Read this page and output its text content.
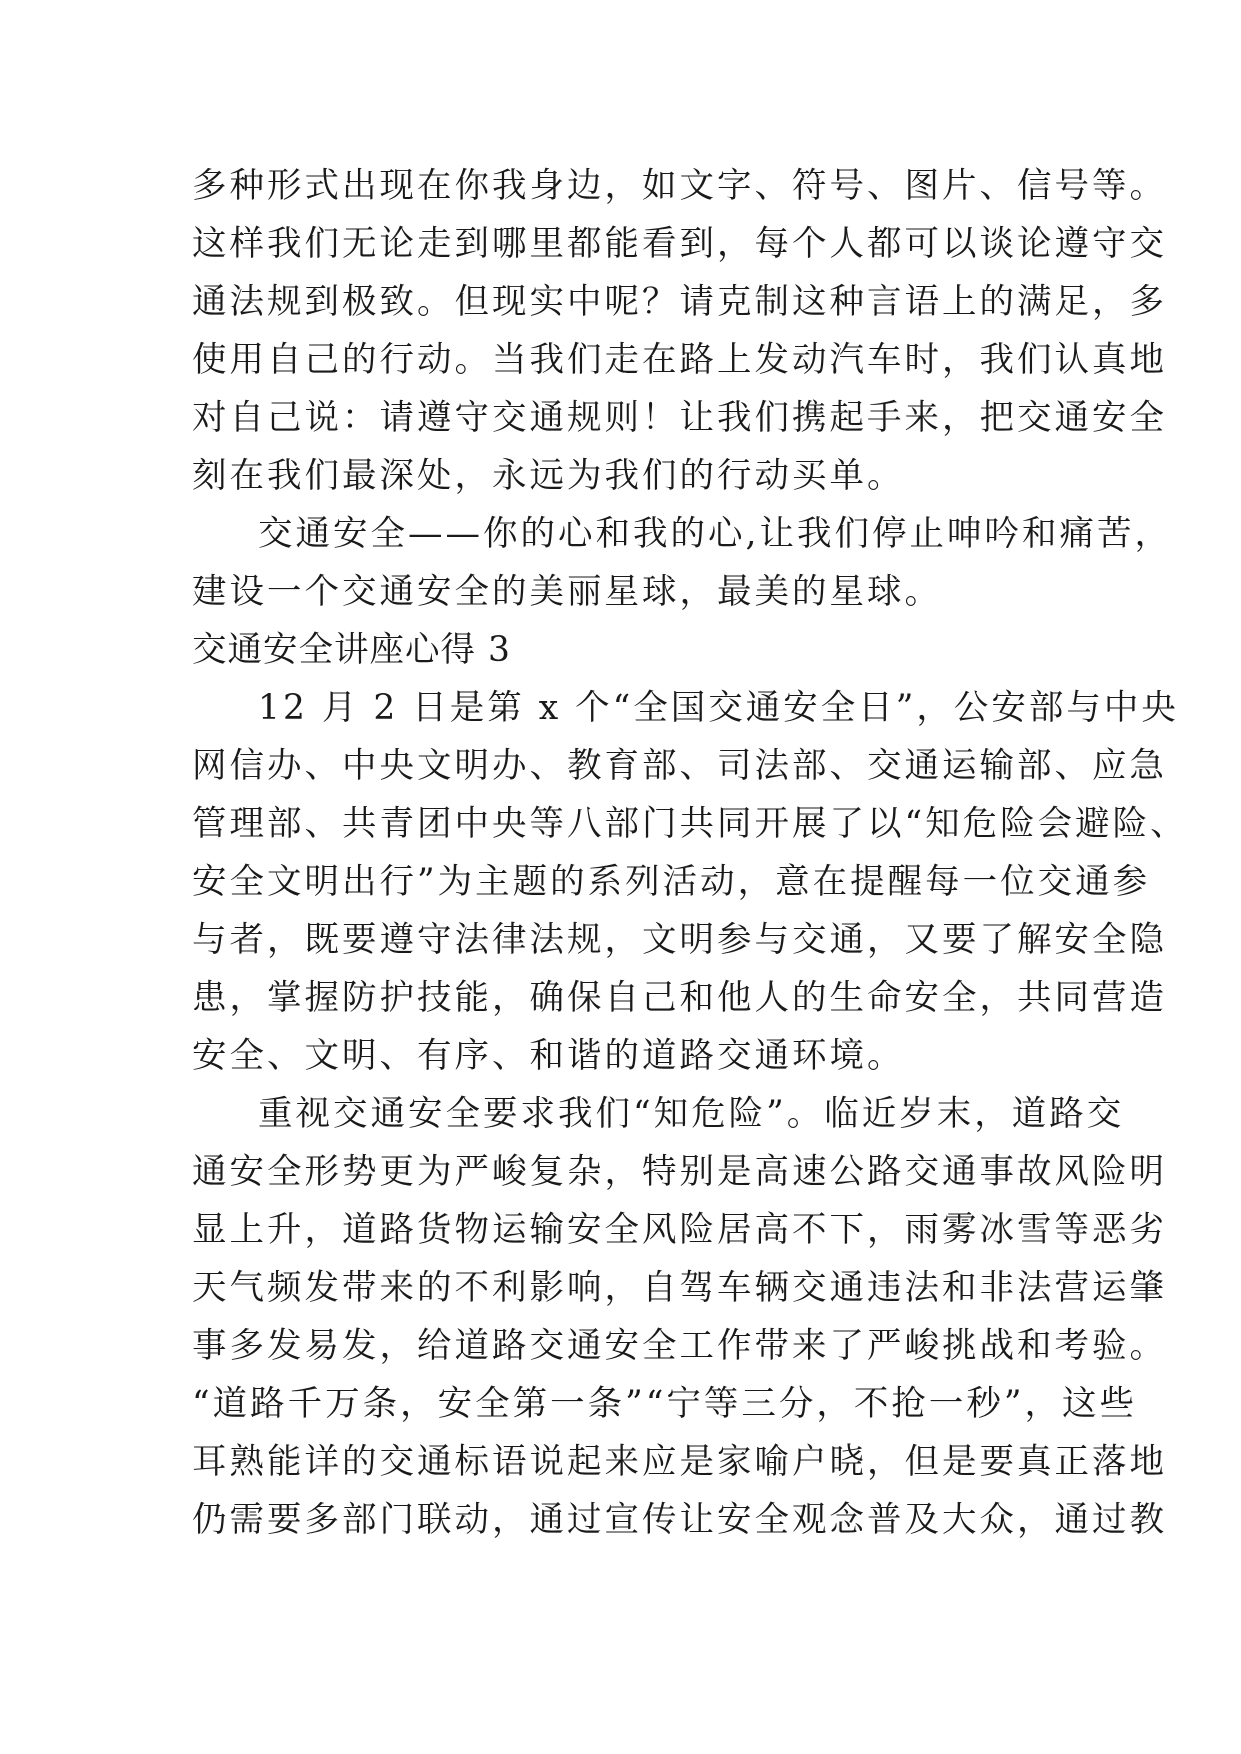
多种形式出现在你我身边，如文字、符号、图片、信号等。
这样我们无论走到哪里都能看到，每个人都可以谈论遵守交
通法规到极致。但现实中呢？请克制这种言语上的满足，多
使用自己的行动。当我们走在路上发动汽车时，我们认真地
对自己说：请遵守交通规则！让我们携起手来，把交通安全
刻在我们最深处，永远为我们的行动买单。
交通安全——你的心和我的心,让我们停止呻吟和痛苦，
建设一个交通安全的美丽星球，最美的星球。
交通安全讲座心得 3
12 月 2 日是第 x 个“全国交通安全日”，公安部与中央
网信办、中央文明办、教育部、司法部、交通运输部、应急
管理部、共青团中央等八部门共同开展了以“知危险会避险、
安全文明出行”为主题的系列活动，意在提醒每一位交通参
与者，既要遵守法律法规，文明参与交通，又要了解安全隐
患，掌握防护技能，确保自己和他人的生命安全，共同营造
安全、文明、有序、和谐的道路交通环境。
重视交通安全要求我们“知危险”。临近岁末，道路交
通安全形势更为严峻复杂，特别是高速公路交通事故风险明
显上升，道路货物运输安全风险居高不下，雨雾冰雪等恶劣
天气频发带来的不利影响，自驾车辆交通违法和非法营运肇
事多发易发，给道路交通安全工作带来了严峻挑战和考验。
“道路千万条，安全第一条”“宁等三分，不抢一秒”，这些
耳熟能详的交通标语说起来应是家喻户晓，但是要真正落地
仍需要多部门联动，通过宣传让安全观念普及大众，通过教
